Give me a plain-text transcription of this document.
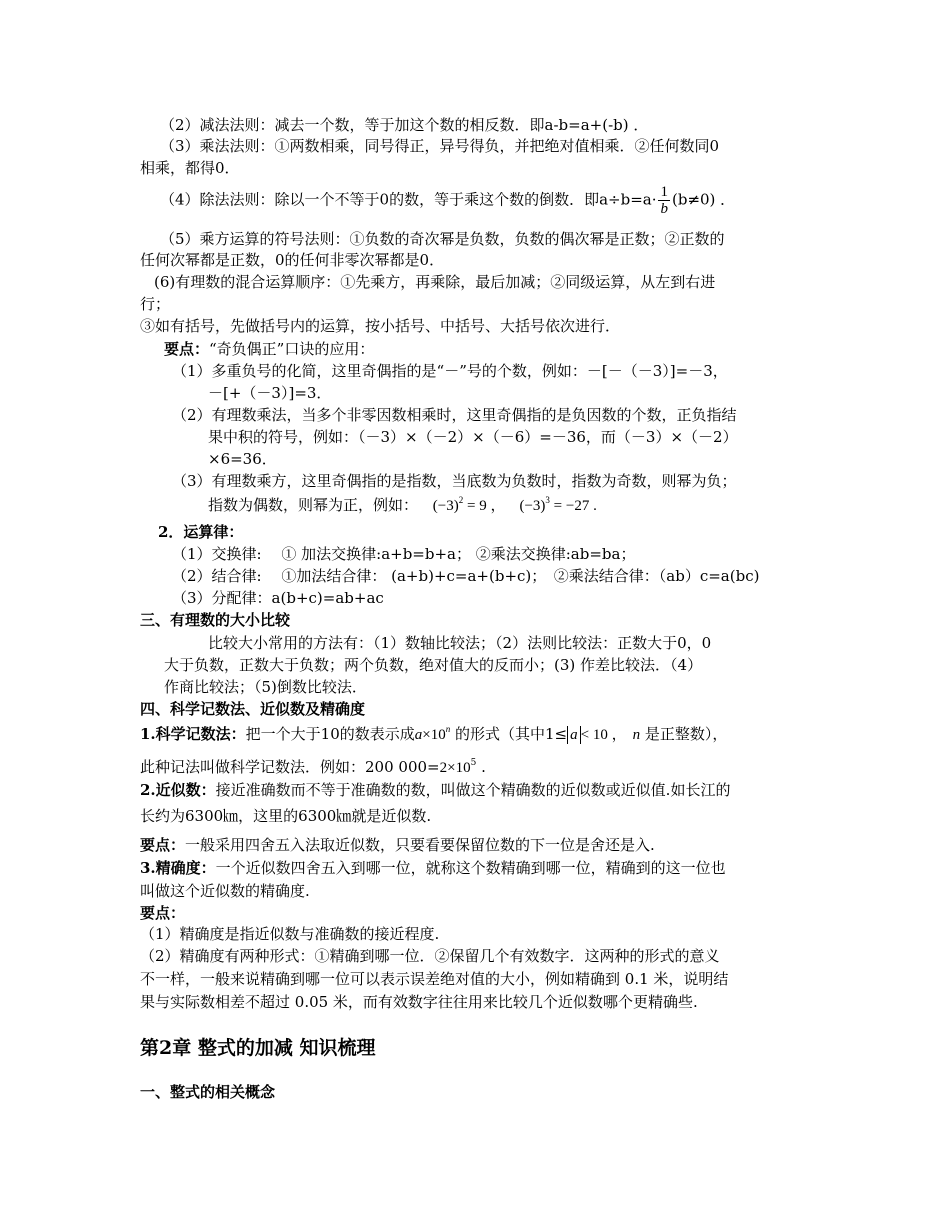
（2）减法法则：减去一个数，等于加这个数的相反数．即a-b=a+(-b) ．
（3）乘法法则：①两数相乘，同号得正，异号得负，并把绝对值相乘．②任何数同0
相乘，都得0．
（4）除法法则：除以一个不等于0的数，等于乘这个数的倒数．即$a\div b=a\cdot \frac{1}{b} (b\ne 0)$ ．
（5）乘方运算的符号法则：①负数的奇次幂是负数，负数的偶次幂是正数；②正数的
任何次幂都是正数，0的任何非零次幂都是0．
(6)有理数的混合运算顺序：①先乘方，再乘除，最后加减；②同级运算，从左到右进
行；
③如有括号，先做括号内的运算，按小括号、中括号、大括号依次进行．
要点：“奇负偶正”口诀的应用：
（1）多重负号的化简，这里奇偶指的是“－”号的个数，例如：－[－（－3）]=－3，
－[+（－3）]=3．
（2）有理数乘法，当多个非零因数相乘时，这里奇偶指的是负因数的个数，正负指结
果中积的符号，例如：（－3）×（－2）×（－6）=－36，而（－3）×（－2）
×6=36．
（3）有理数乘方，这里奇偶指的是指数，当底数为负数时，指数为奇数，则幂为负；
指数为偶数，则幂为正，例如： $(-3)^2 = 9$ ， $(-3)^3 = -27$ .
2．运算律：
（1）交换律:　 ① 加法交换律:a+b=b+a； ②乘法交换律:ab=ba；
（2）结合律:　 ①加法结合律： (a+b)+c=a+(b+c)；　②乘法结合律：（ab）c=a(bc)
（3）分配律：a(b+c)=ab+ac
三、有理数的大小比较
比较大小常用的方法有：（1）数轴比较法；（2）法则比较法：正数大于0，0
大于负数，正数大于负数；两个负数，绝对值大的反而小；(3) 作差比较法．（4）
作商比较法；（5)倒数比较法．
四、科学记数法、近似数及精确度
1.科学记数法：把一个大于10的数表示成$a\times 10^n$ 的形式（其中1≤ a < 10 ， n 是正整数），
此种记法叫做科学记数法．例如：200 $000=2\times 10^5$ .
2.近似数：接近准确数而不等于准确数的数，叫做这个精确数的近似数或近似值.如长江的
长约为6300㎞，这里的6300㎞就是近似数.
要点：一般采用四舍五入法取近似数，只要看要保留位数的下一位是舍还是入.
3.精确度：一个近似数四舍五入到哪一位，就称这个数精确到哪一位，精确到的这一位也
叫做这个近似数的精确度.
要点：
（1）精确度是指近似数与准确数的接近程度.
（2）精确度有两种形式：①精确到哪一位．②保留几个有效数字．这两种的形式的意义
不一样，一般来说精确到哪一位可以表示误差绝对值的大小，例如精确到 0.1 米，说明结
果与实际数相差不超过 0.05 米，而有效数字往往用来比较几个近似数哪个更精确些.
第2章 整式的加减 知识梳理
一、整式的相关概念
